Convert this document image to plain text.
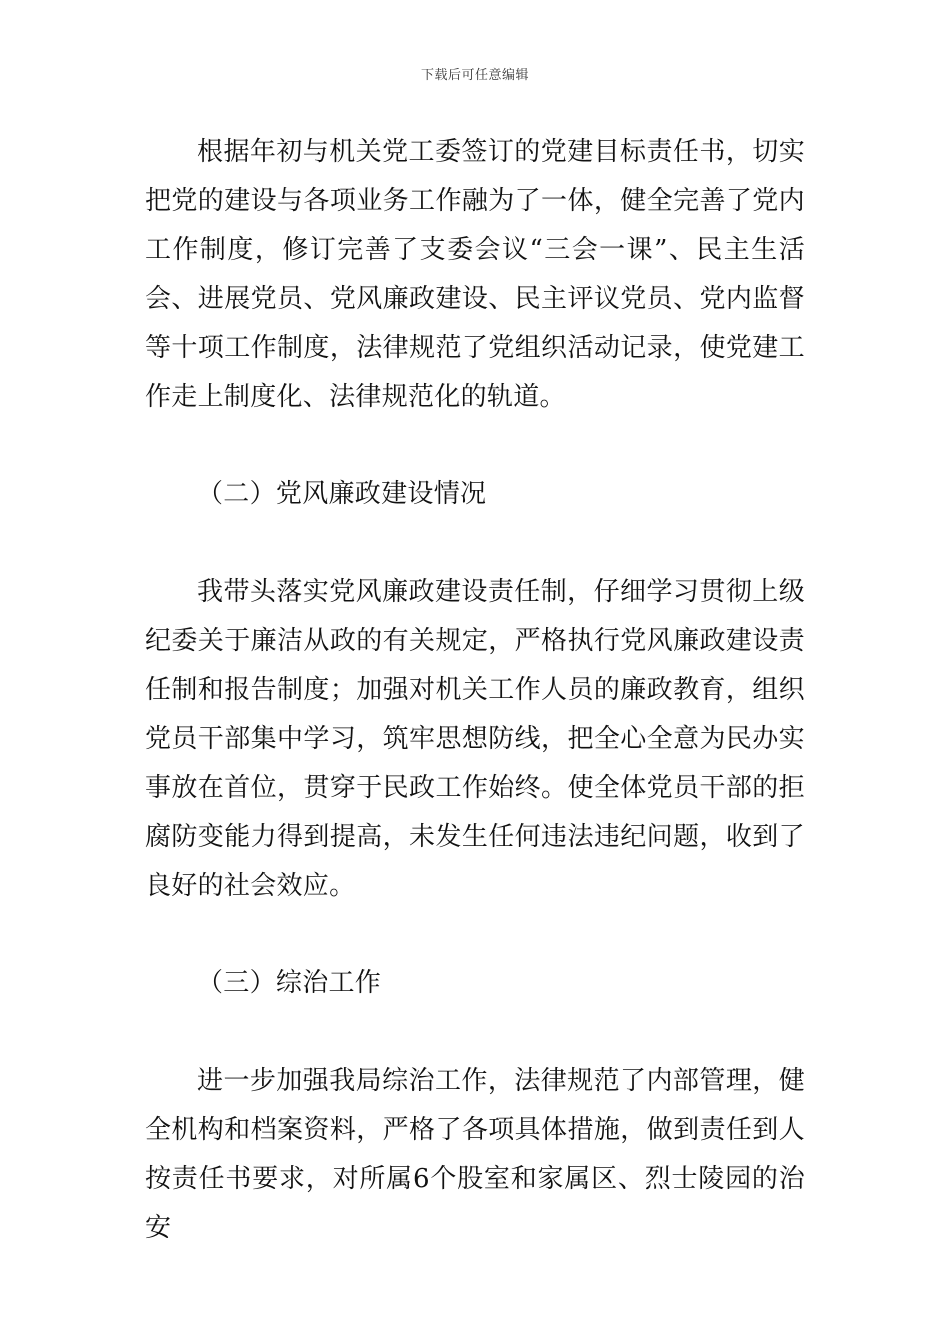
下载后可任意编辑

根据年初与机关党工委签订的党建目标责任书，切实把党的建设与各项业务工作融为了一体，健全完善了党内工作制度，修订完善了支委会议“三会一课”、民主生活会、进展党员、党风廉政建设、民主评议党员、党内监督等十项工作制度，法律规范了党组织活动记录，使党建工作走上制度化、法律规范化的轨道。

（二）党风廉政建设情况

我带头落实党风廉政建设责任制，仔细学习贯彻上级纪委关于廉洁从政的有关规定，严格执行党风廉政建设责任制和报告制度；加强对机关工作人员的廉政教育，组织党员干部集中学习，筑牢思想防线，把全心全意为民办实事放在首位，贯穿于民政工作始终。使全体党员干部的拒腐防变能力得到提高，未发生任何违法违纪问题，收到了良好的社会效应。

（三）综治工作

进一步加强我局综治工作，法律规范了内部管理，健全机构和档案资料，严格了各项具体措施，做到责任到人按责任书要求，对所属6个股室和家属区、烈士陵园的治安
